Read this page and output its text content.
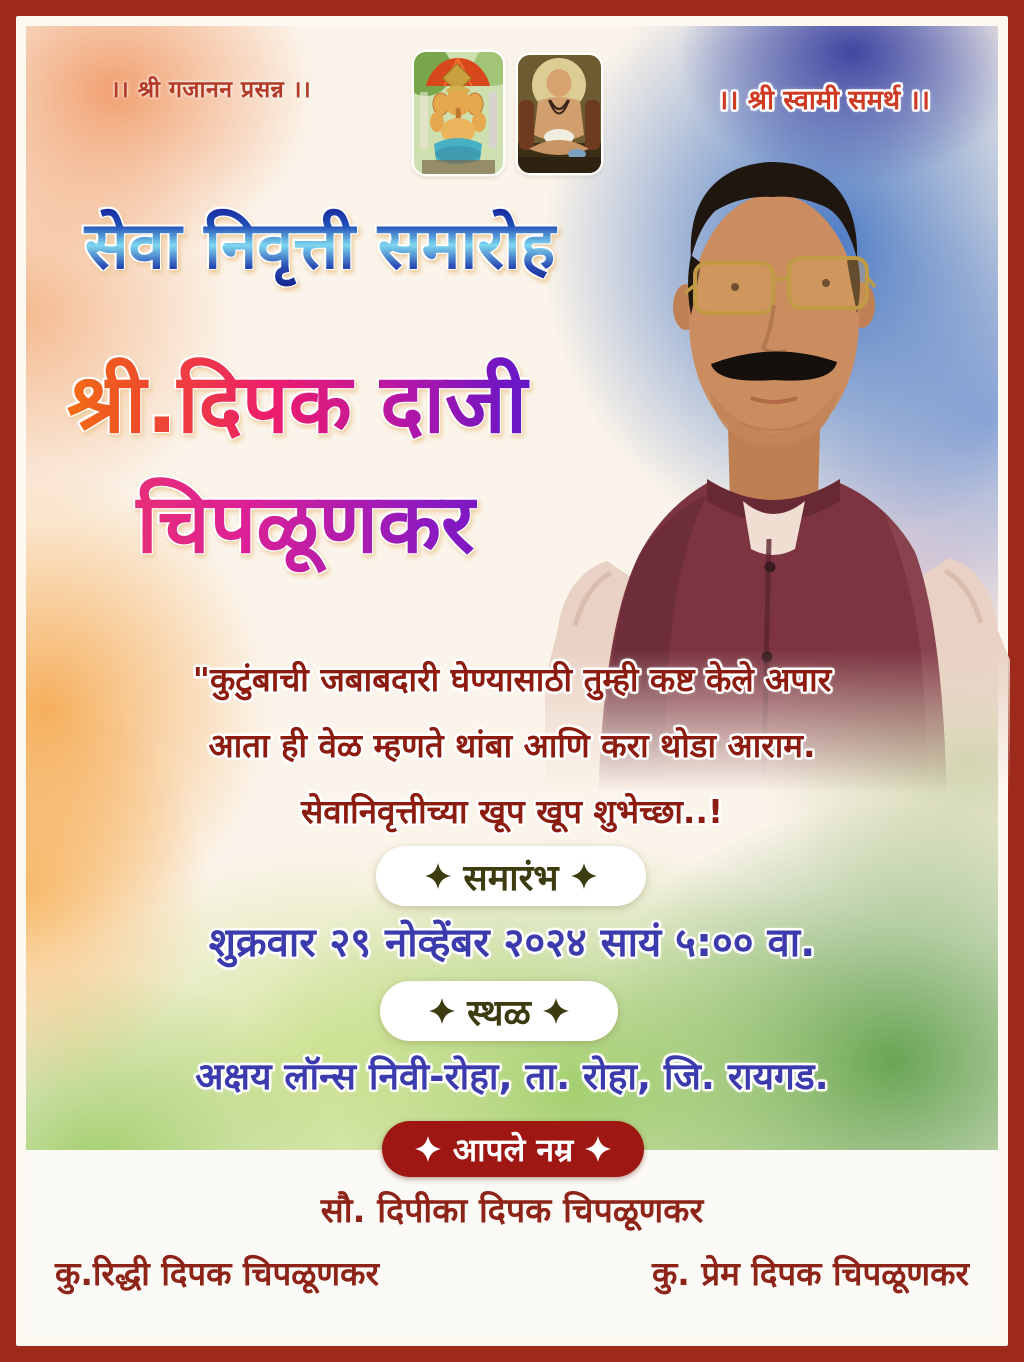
।। श्री गजानन प्रसन्न ।।	।। श्री स्वामी समर्थ ।।
सेवा निवृत्ती समारोह
श्री.दिपक दाजी
चिपळूणकर
"कुटुंबाची जबाबदारी घेण्यासाठी तुम्ही कष्ट केले अपार
आता ही वेळ म्हणते थांबा आणि करा थोडा आराम.
सेवानिवृत्तीच्या खूप खूप शुभेच्छा..!
समारंभ
शुक्रवार २९ नोव्हेंबर २०२४ सायं ५:०० वा.
स्थळ
अक्षय लॉन्स निवी-रोहा, ता. रोहा, जि. रायगड.
आपले नम्र
सौ. दिपीका दिपक चिपळूणकर
कु.रिद्धी दिपक चिपळूणकर	कु. प्रेम दिपक चिपळूणकर
